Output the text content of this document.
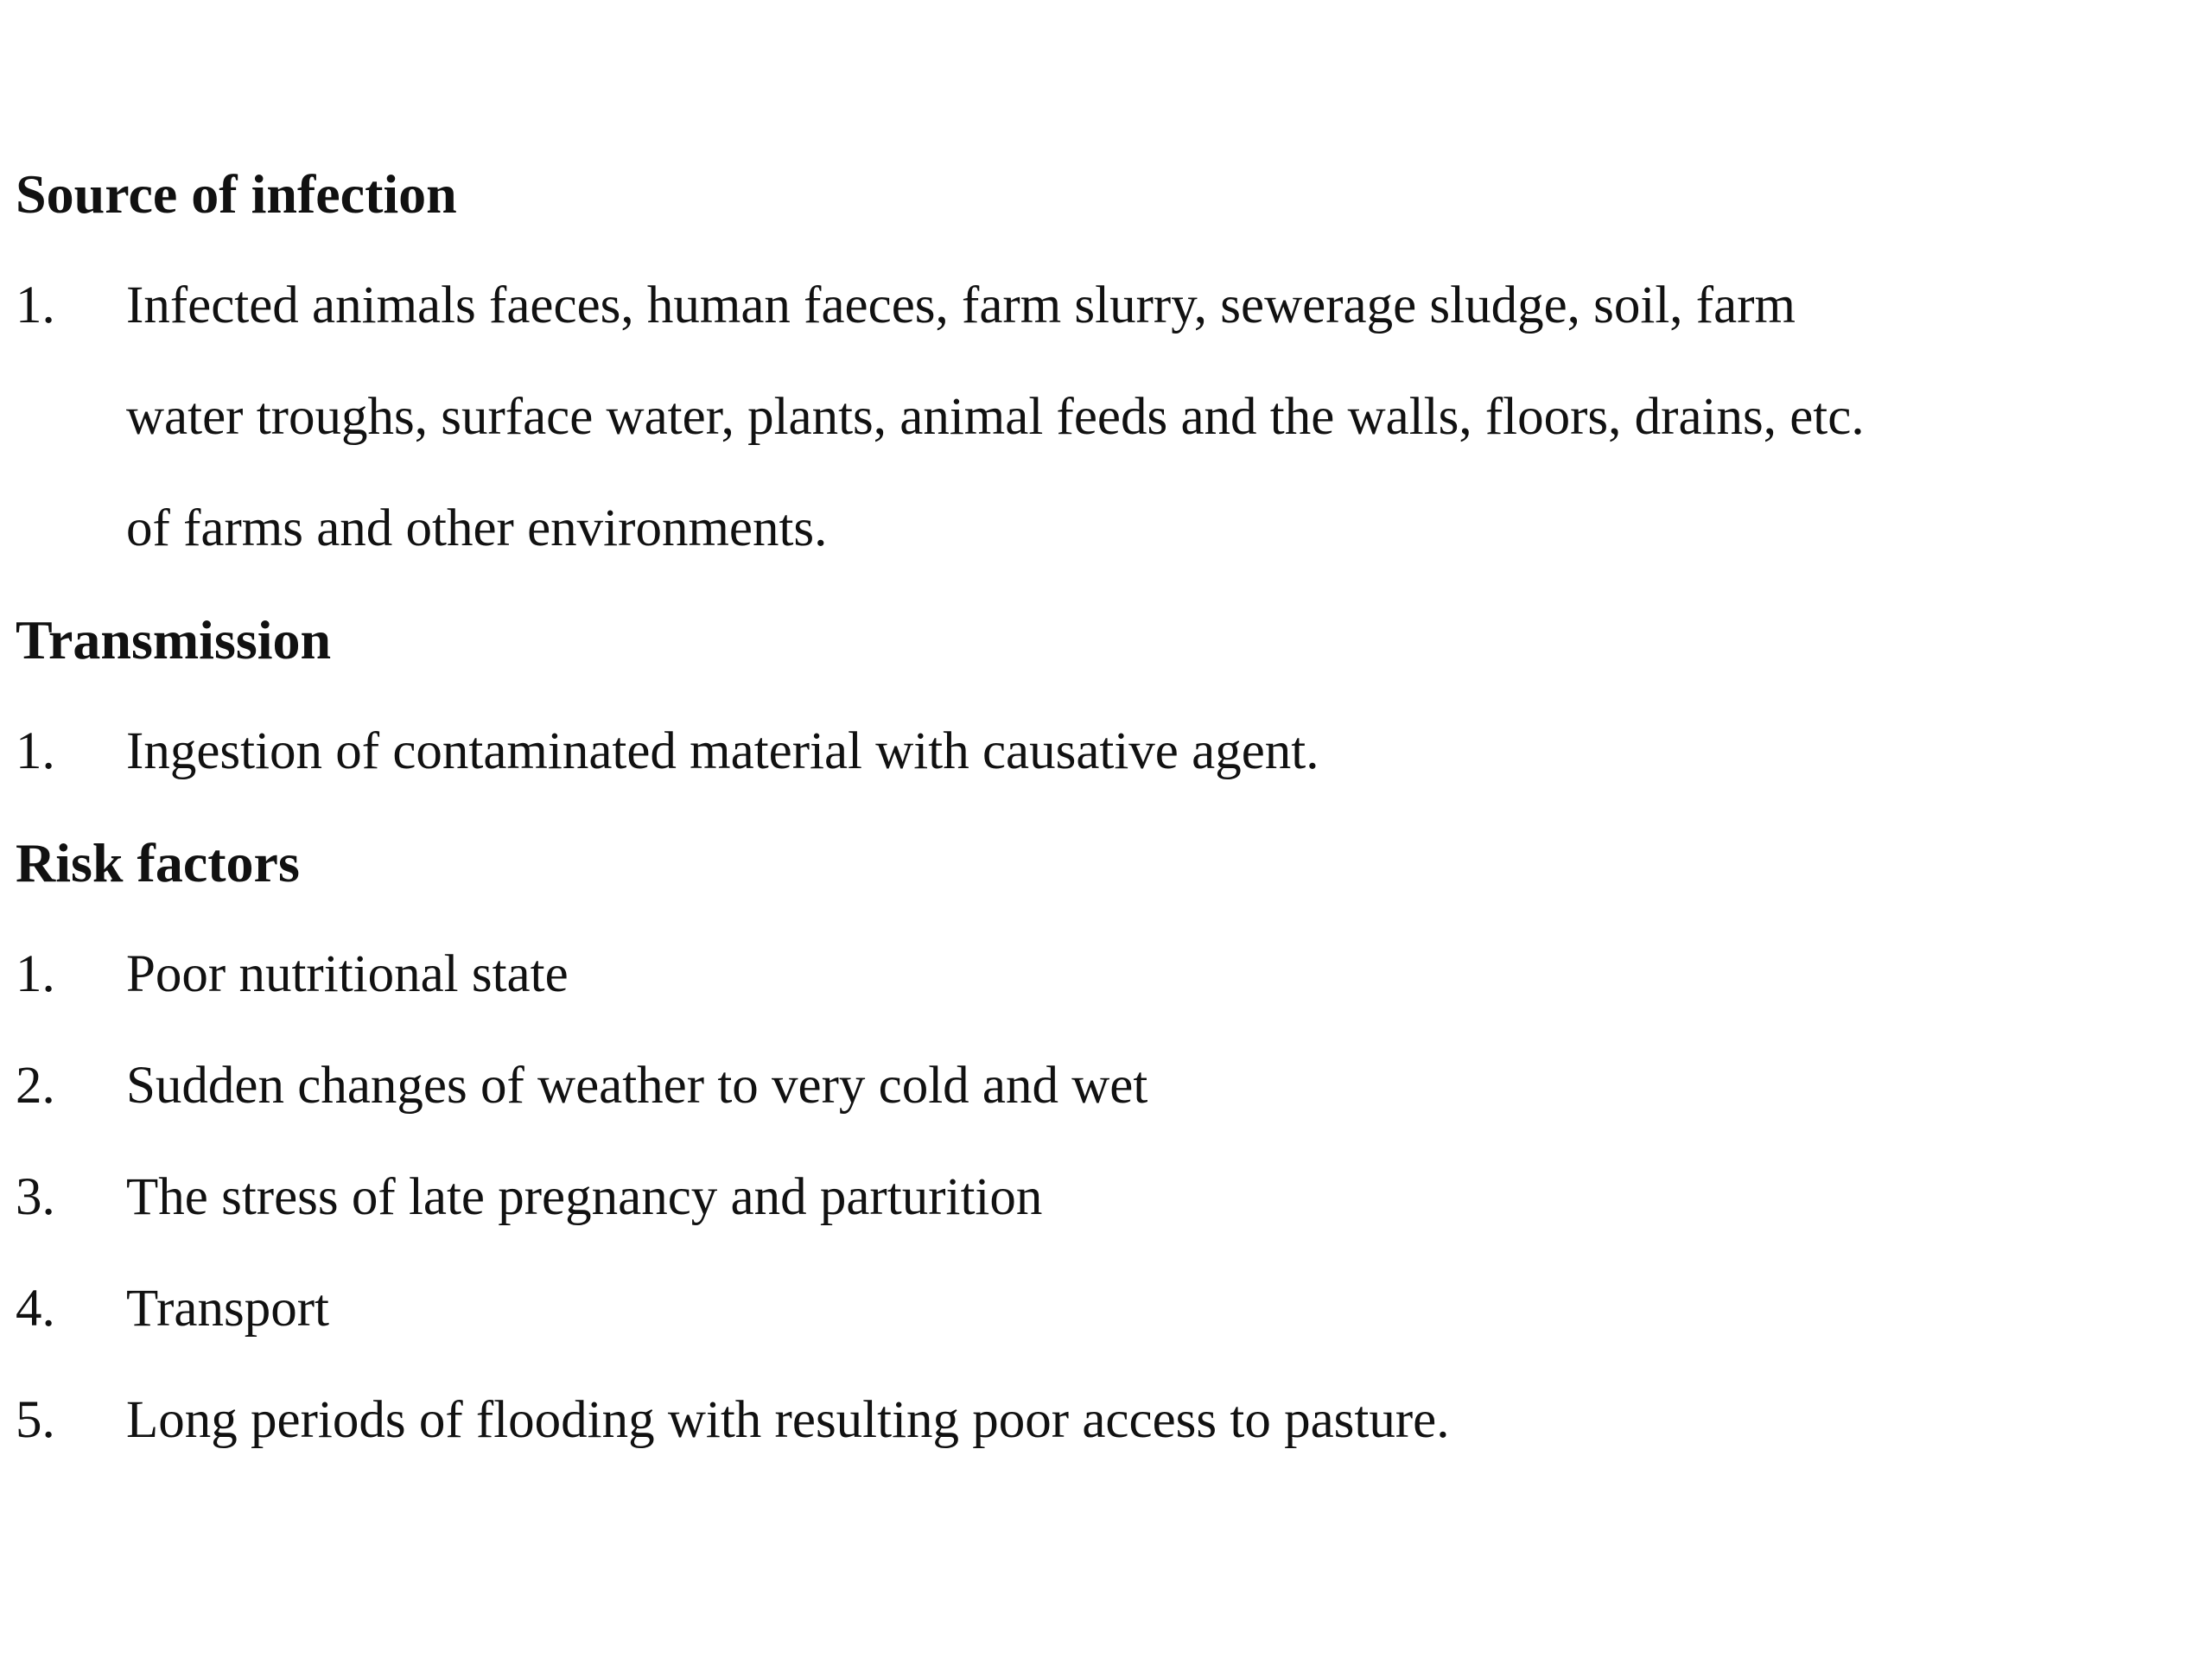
Source of infection
1.	Infected animals faeces, human faeces, farm slurry, sewerage sludge, soil, farm
water troughs, surface water, plants, animal feeds and the walls, floors, drains, etc.
of farms and other environments.
Transmission
1.	Ingestion of contaminated material with causative agent.
Risk factors
1.	Poor nutritional state
2.	Sudden changes of weather to very cold and wet
3.	The stress of late pregnancy and parturition
4.	Transport
5.	Long periods of flooding with resulting poor access to pasture.
